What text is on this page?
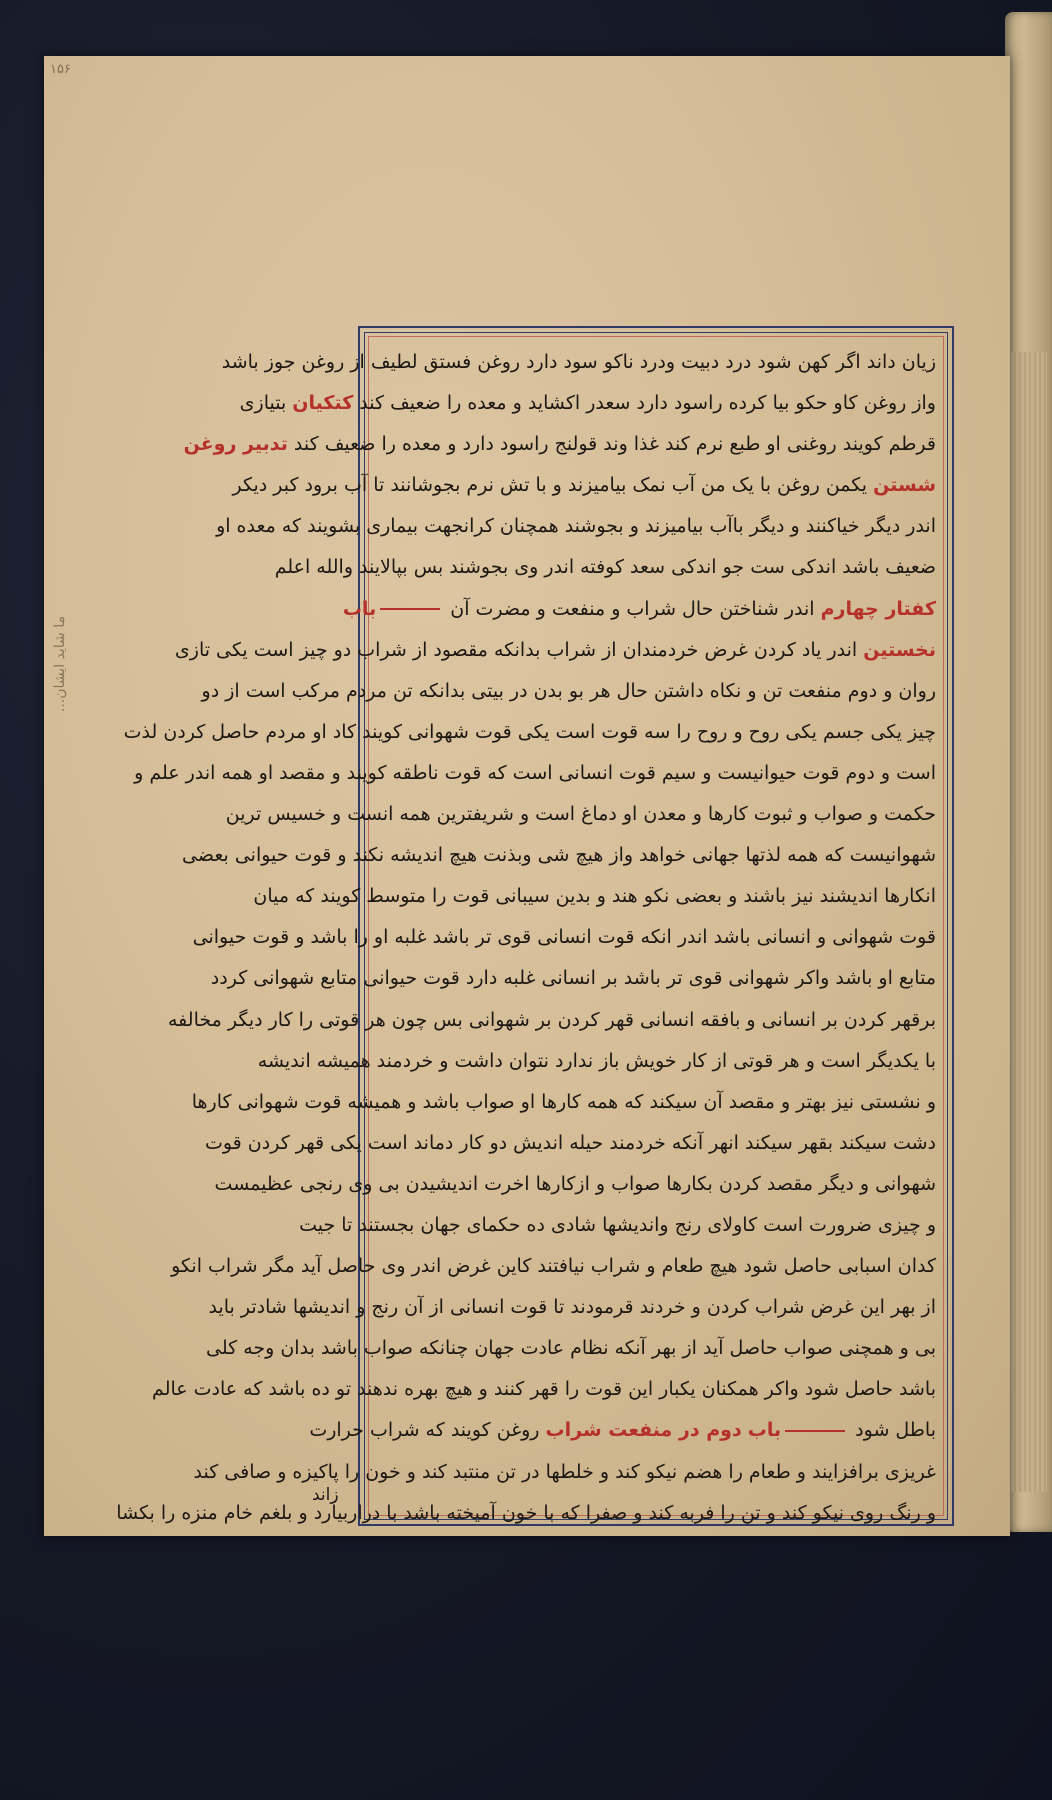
۱۵۶
...ما شاید ایشان
زیان داند اگر کهن شود درد دبیت ودرد ناکو سود دارد روغن فستق لطیف از روغن جوز باشد
واز روغن کاو حکو بیا کرده راسود دارد سعدر اکشاید و معده را ضعیف کند کتکیان بتیازی
قرطم کویند روغنی او طبع نرم کند غذا وند قولنج راسود دارد و معده را ضعیف کند تدبیر روغن
شستن یکمن روغن با یک من آب نمک بیامیزند و با تش نرم بجوشانند تا آب برود کبر دیکر
اندر دیگر خیاکنند و دیگر باآب بیامیزند و بجوشند همچنان کرانجهت بیماری بشویند که معده او
ضعیف باشد اندکی ست جو اندکی سعد کوفته اندر وی بجوشند بس بپالایند والله اعلم
کفتار چهارم اندر شناختن حال شراب و منفعت و مضرت آن باب
نخستین اندر یاد کردن غرض خردمندان از شراب بدانکه مقصود از شراب دو چیز است یکی تازی
روان و دوم منفعت تن و نکاه داشتن حال هر بو بدن در بیتی بدانکه تن مردم مرکب است از دو
چیز یکی جسم یکی روح و روح را سه قوت است یکی قوت شهوانی کویند کاد او مردم حاصل کردن لذت
است و دوم قوت حیوانیست و سیم قوت انسانی است که قوت ناطقه کویند و مقصد او همه اندر علم و
حکمت و صواب و ثبوت کارها و معدن او دماغ است و شریفترین همه انست و خسیس ترین
شهوانیست که همه لذتها جهانی خواهد واز هیچ شی وبذنت هیچ اندیشه نکند و قوت حیوانی بعضی
انکارها اندیشند نیز باشند و بعضی نکو هند و بدین سیبانی قوت را متوسط کویند که میان
قوت شهوانی و انسانی باشد اندر انکه قوت انسانی قوی تر باشد غلبه او را باشد و قوت حیوانی
متابع او باشد واکر شهوانی قوی تر باشد بر انسانی غلبه دارد قوت حیوانی متابع شهوانی کردد
برقهر کردن بر انسانی و بافقه انسانی قهر کردن بر شهوانی بس چون هر قوتی را کار دیگر مخالفه
با یکدیگر است و هر قوتی از کار خویش باز ندارد نتوان داشت و خردمند همیشه اندیشه
و نشستی نیز بهتر و مقصد آن سیکند که همه کارها او صواب باشد و همیشه قوت شهوانی کارها
دشت سیکند بقهر سیکند انهر آنکه خردمند حیله اندیش دو کار دماند است یکی قهر کردن قوت
شهوانی و دیگر مقصد کردن بکارها صواب و ازکارها اخرت اندیشیدن بی وی رنجی عظیمست
و چیزی ضرورت است کاولای رنج واندیشها شادی ده حکمای جهان بجستند تا جیت
کدان اسبابی حاصل شود هیچ طعام و شراب نیافتند کاین غرض اندر وی حاصل آید مگر شراب انکو
از بهر این غرض شراب کردن و خردند قرمودند تا قوت انسانی از آن رنج و اندیشها شادتر باید
بی و همچنی صواب حاصل آید از بهر آنکه نظام عادت جهان چنانکه صواب باشد بدان وجه کلی
باشد حاصل شود واکر همکنان یکبار این قوت را قهر کنند و هیچ بهره ندهند تو ده باشد که عادت عالم
باطل شود باب دوم در منفعت شراب روغن کویند که شراب حرارت
غریزی برافزایند و طعام را هضم نیکو کند و خلطها در تن منتبد کند و خون را پاکیزه و صافی کند
و رنگ روی نیکو کند و تن را فربه کند و صفرا که با خون آمیخته باشد با دراربیارد و بلغم خام منزه را بکشا
زاند
